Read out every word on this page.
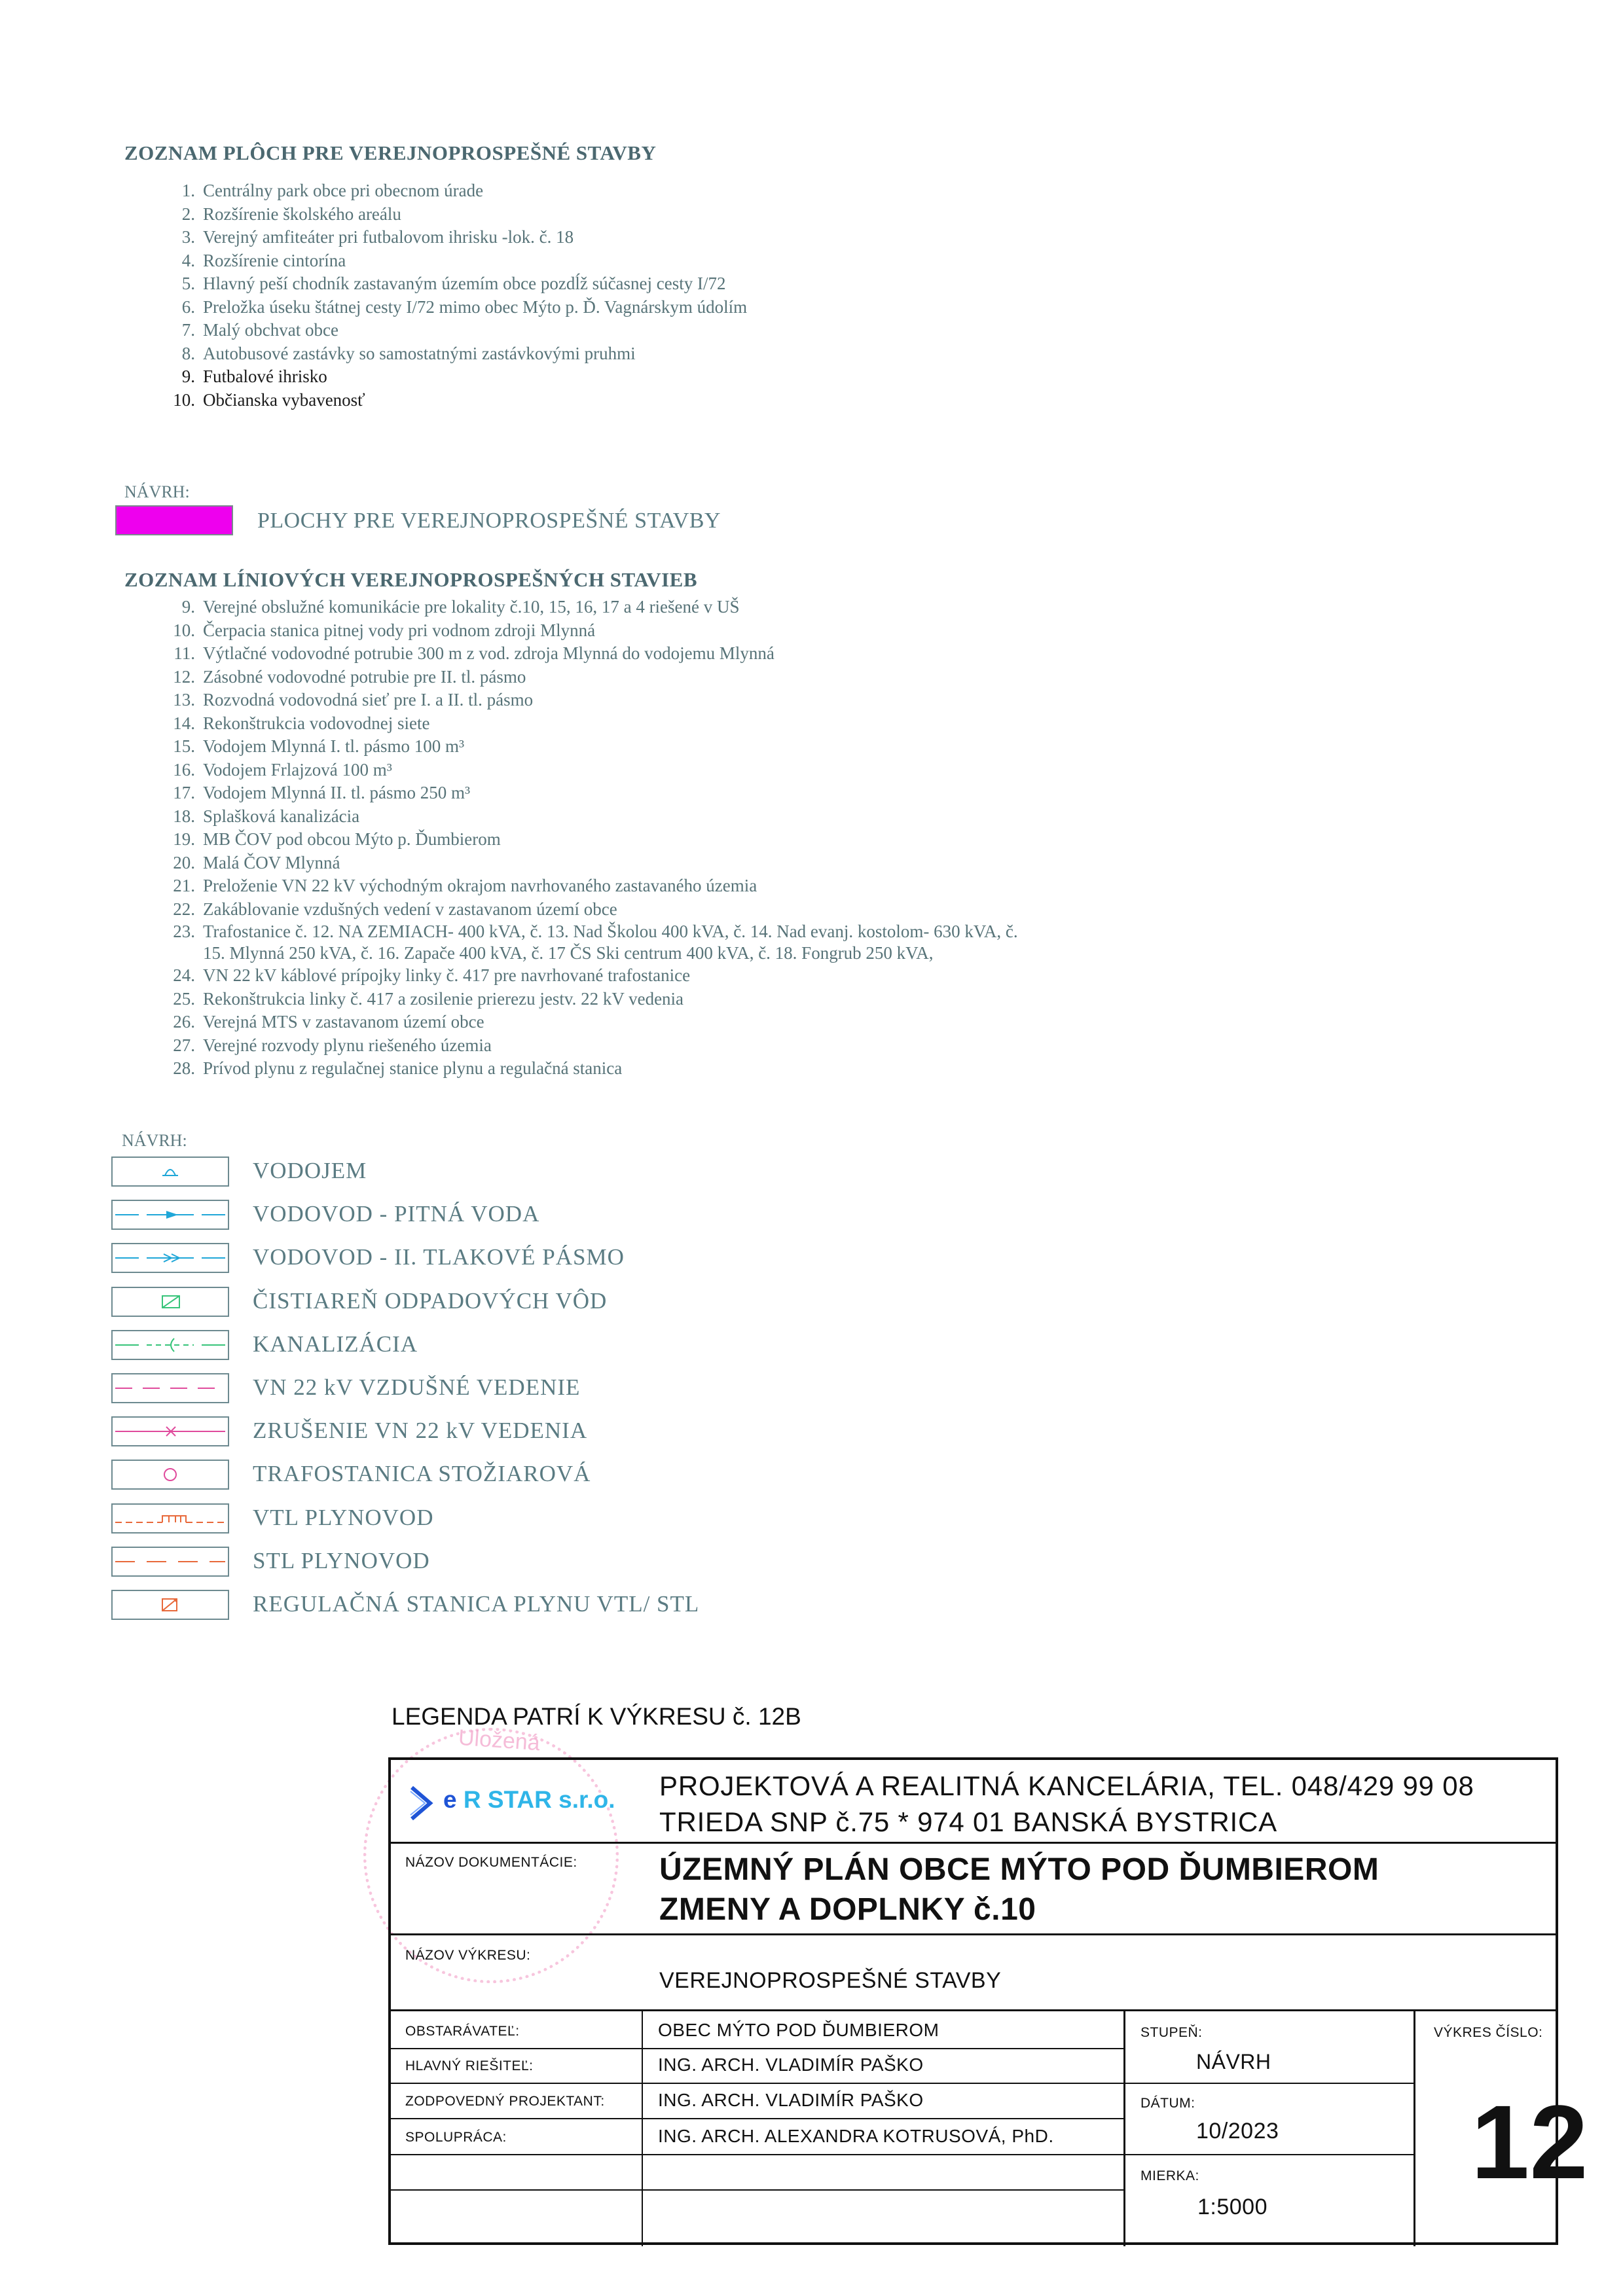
ZOZNAM PLÔCH PRE VEREJNOPROSPEŠNÉ STAVBY
1. Centrálny park obce pri obecnom úrade
2. Rozšírenie školského areálu
3. Verejný amfiteáter pri futbalovom ihrisku -lok. č. 18
4. Rozšírenie cintorína
5. Hlavný peší chodník zastavaným územím obce pozdĺž súčasnej cesty I/72
6. Preložka úseku štátnej cesty I/72 mimo obec Mýto p. Ď. Vagnárskym údolím
7. Malý obchvat obce
8. Autobusové zastávky so samostatnými zastávkovými pruhmi
9. Futbalové ihrisko
10. Občianska vybavenosť
NÁVRH:
PLOCHY PRE VEREJNOPROSPEŠNÉ STAVBY
ZOZNAM LÍNIOVÝCH VEREJNOPROSPEŠNÝCH STAVIEB
9. Verejné obslužné komunikácie pre lokality č.10, 15, 16, 17 a 4 riešené v UŠ
10. Čerpacia stanica pitnej vody pri vodnom zdroji Mlynná
11. Výtlačné vodovodné potrubie 300 m z vod. zdroja Mlynná do vodojemu Mlynná
12. Zásobné vodovodné potrubie pre II. tl. pásmo
13. Rozvodná vodovodná sieť pre I. a II. tl. pásmo
14. Rekonštrukcia vodovodnej siete
15. Vodojem Mlynná I. tl. pásmo 100 m³
16. Vodojem Frlajzová 100 m³
17. Vodojem Mlynná II. tl. pásmo 250 m³
18. Splašková kanalizácia
19. MB ČOV pod obcou Mýto p. Ďumbierom
20. Malá ČOV Mlynná
21. Preloženie VN 22 kV východným okrajom navrhovaného zastavaného územia
22. Zakáblovanie vzdušných vedení v zastavanom území obce
23. Trafostanice č. 12. NA ZEMIACH- 400 kVA, č. 13. Nad Školou 400 kVA, č. 14. Nad evanj. kostolom- 630 kVA, č. 15. Mlynná 250 kVA, č. 16. Zapače 400 kVA, č. 17 ČS Ski centrum 400 kVA, č. 18. Fongrub 250 kVA,
24. VN 22 kV káblové prípojky linky č. 417 pre navrhované trafostanice
25. Rekonštrukcia linky č. 417 a zosilenie prierezu jestv. 22 kV vedenia
26. Verejná MTS v zastavanom území obce
27. Verejné rozvody plynu riešeného územia
28. Prívod plynu z regulačnej stanice plynu a regulačná stanica
NÁVRH:
VODOJEM
VODOVOD - PITNÁ VODA
VODOVOD - II. TLAKOVÉ PÁSMO
ČISTIAREŇ ODPADOVÝCH VÔD
KANALIZÁCIA
VN 22 kV VZDUŠNÉ VEDENIE
ZRUŠENIE VN 22 kV VEDENIA
TRAFOSTANICA STOŽIAROVÁ
VTL PLYNOVOD
STL PLYNOVOD
REGULAČNÁ STANICA PLYNU VTL/ STL
LEGENDA PATRÍ K VÝKRESU č. 12B
Uložená
e R STAR s.r.o. PROJEKTOVÁ A REALITNÁ KANCELÁRIA, TEL. 048/429 99 08
TRIEDA SNP č.75 * 974 01 BANSKÁ BYSTRICA
NÁZOV DOKUMENTÁCIE:	ÚZEMNÝ PLÁN OBCE MÝTO POD ĎUMBIEROM
ZMENY A DOPLNKY č.10
NÁZOV VÝKRESU:
VEREJNOPROSPEŠNÉ STAVBY
OBSTARÁVATEĽ:	OBEC MÝTO POD ĎUMBIEROM
HLAVNÝ RIEŠITEĽ:	ING. ARCH. VLADIMÍR PAŠKO
ZODPOVEDNÝ PROJEKTANT:	ING. ARCH. VLADIMÍR PAŠKO
SPOLUPRÁCA:	ING. ARCH. ALEXANDRA KOTRUSOVÁ, PhD.
STUPEŇ:
NÁVRH
DÁTUM:
10/2023
MIERKA:
1:5000
VÝKRES ČÍSLO:
12
